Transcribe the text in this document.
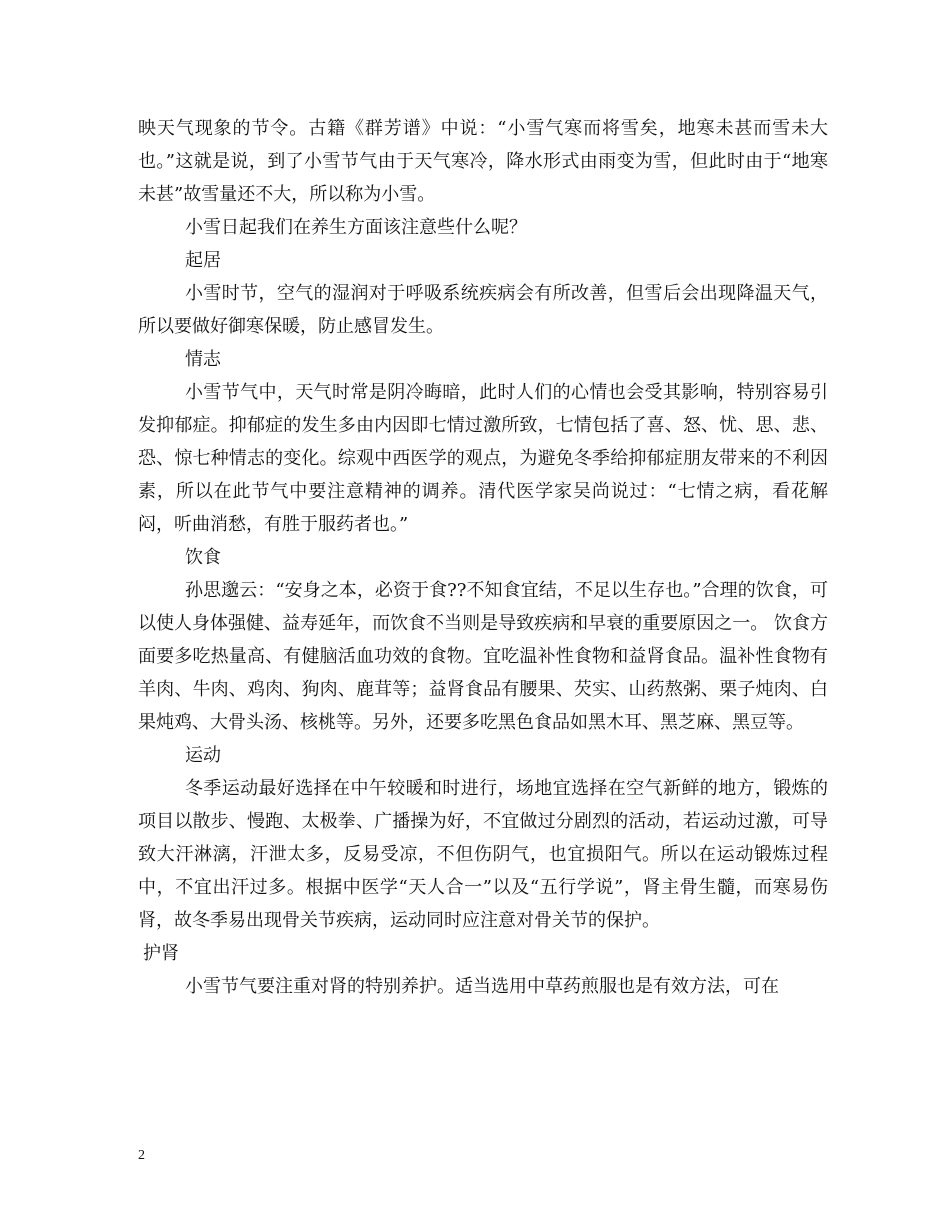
映天气现象的节令。古籍《群芳谱》中说：“小雪气寒而将雪矣，地寒未甚而雪未大也。”这就是说，到了小雪节气由于天气寒冷，降水形式由雨变为雪，但此时由于“地寒未甚”故雪量还不大，所以称为小雪。

小雪日起我们在养生方面该注意些什么呢？

起居

小雪时节，空气的湿润对于呼吸系统疾病会有所改善，但雪后会出现降温天气，所以要做好御寒保暖，防止感冒发生。

情志

小雪节气中，天气时常是阴冷晦暗，此时人们的心情也会受其影响，特别容易引发抑郁症。抑郁症的发生多由内因即七情过激所致，七情包括了喜、怒、忧、思、悲、恐、惊七种情志的变化。综观中西医学的观点，为避免冬季给抑郁症朋友带来的不利因素，所以在此节气中要注意精神的调养。清代医学家吴尚说过：“七情之病，看花解闷，听曲消愁，有胜于服药者也。”

饮食

孙思邈云：“安身之本，必资于食??不知食宜结，不足以生存也。”合理的饮食，可以使人身体强健、益寿延年，而饮食不当则是导致疾病和早衰的重要原因之一。 饮食方面要多吃热量高、有健脑活血功效的食物。宜吃温补性食物和益肾食品。温补性食物有羊肉、牛肉、鸡肉、狗肉、鹿茸等；益肾食品有腰果、芡实、山药熬粥、栗子炖肉、白果炖鸡、大骨头汤、核桃等。另外，还要多吃黑色食品如黑木耳、黑芝麻、黑豆等。

运动

冬季运动最好选择在中午较暖和时进行，场地宜选择在空气新鲜的地方，锻炼的项目以散步、慢跑、太极拳、广播操为好，不宜做过分剧烈的活动，若运动过激，可导致大汗淋漓，汗泄太多，反易受凉，不但伤阴气，也宜损阳气。所以在运动锻炼过程中，不宜出汗过多。根据中医学“天人合一”以及“五行学说”，肾主骨生髓，而寒易伤肾，故冬季易出现骨关节疾病，运动同时应注意对骨关节的保护。

护肾

小雪节气要注重对肾的特别养护。适当选用中草药煎服也是有效方法，可在

2
